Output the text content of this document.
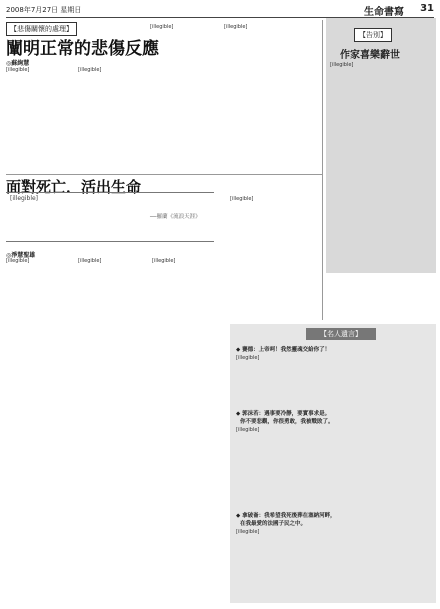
2008年7月27日 星期日	生命書寫 31
【悲傷關懷的處理】
闡明正常的悲傷反應
◎蘇絢慧
[illegible]	[illegible]
[illegible]	[illegible]
面對死亡．活出生命
[illegible]
──羅蘭《流浪天涯》
◎淨慧聖雄
[illegible]	[illegible]	[illegible]
[illegible]
【告別】
作家喜樂辭世
[illegible]
【名人遺言】
◆ 賽德：上帝呵！我然靈魂交給你了！
[illegible]
◆ 郭沫若：遇事要冷靜，要實事求是。
你不要悲觀，你很勇敢，我被戰敗了。
[illegible]
◆ 拿破崙：我希望我死後葬在塞納河畔，
在我最愛的法國子民之中。
[illegible]
